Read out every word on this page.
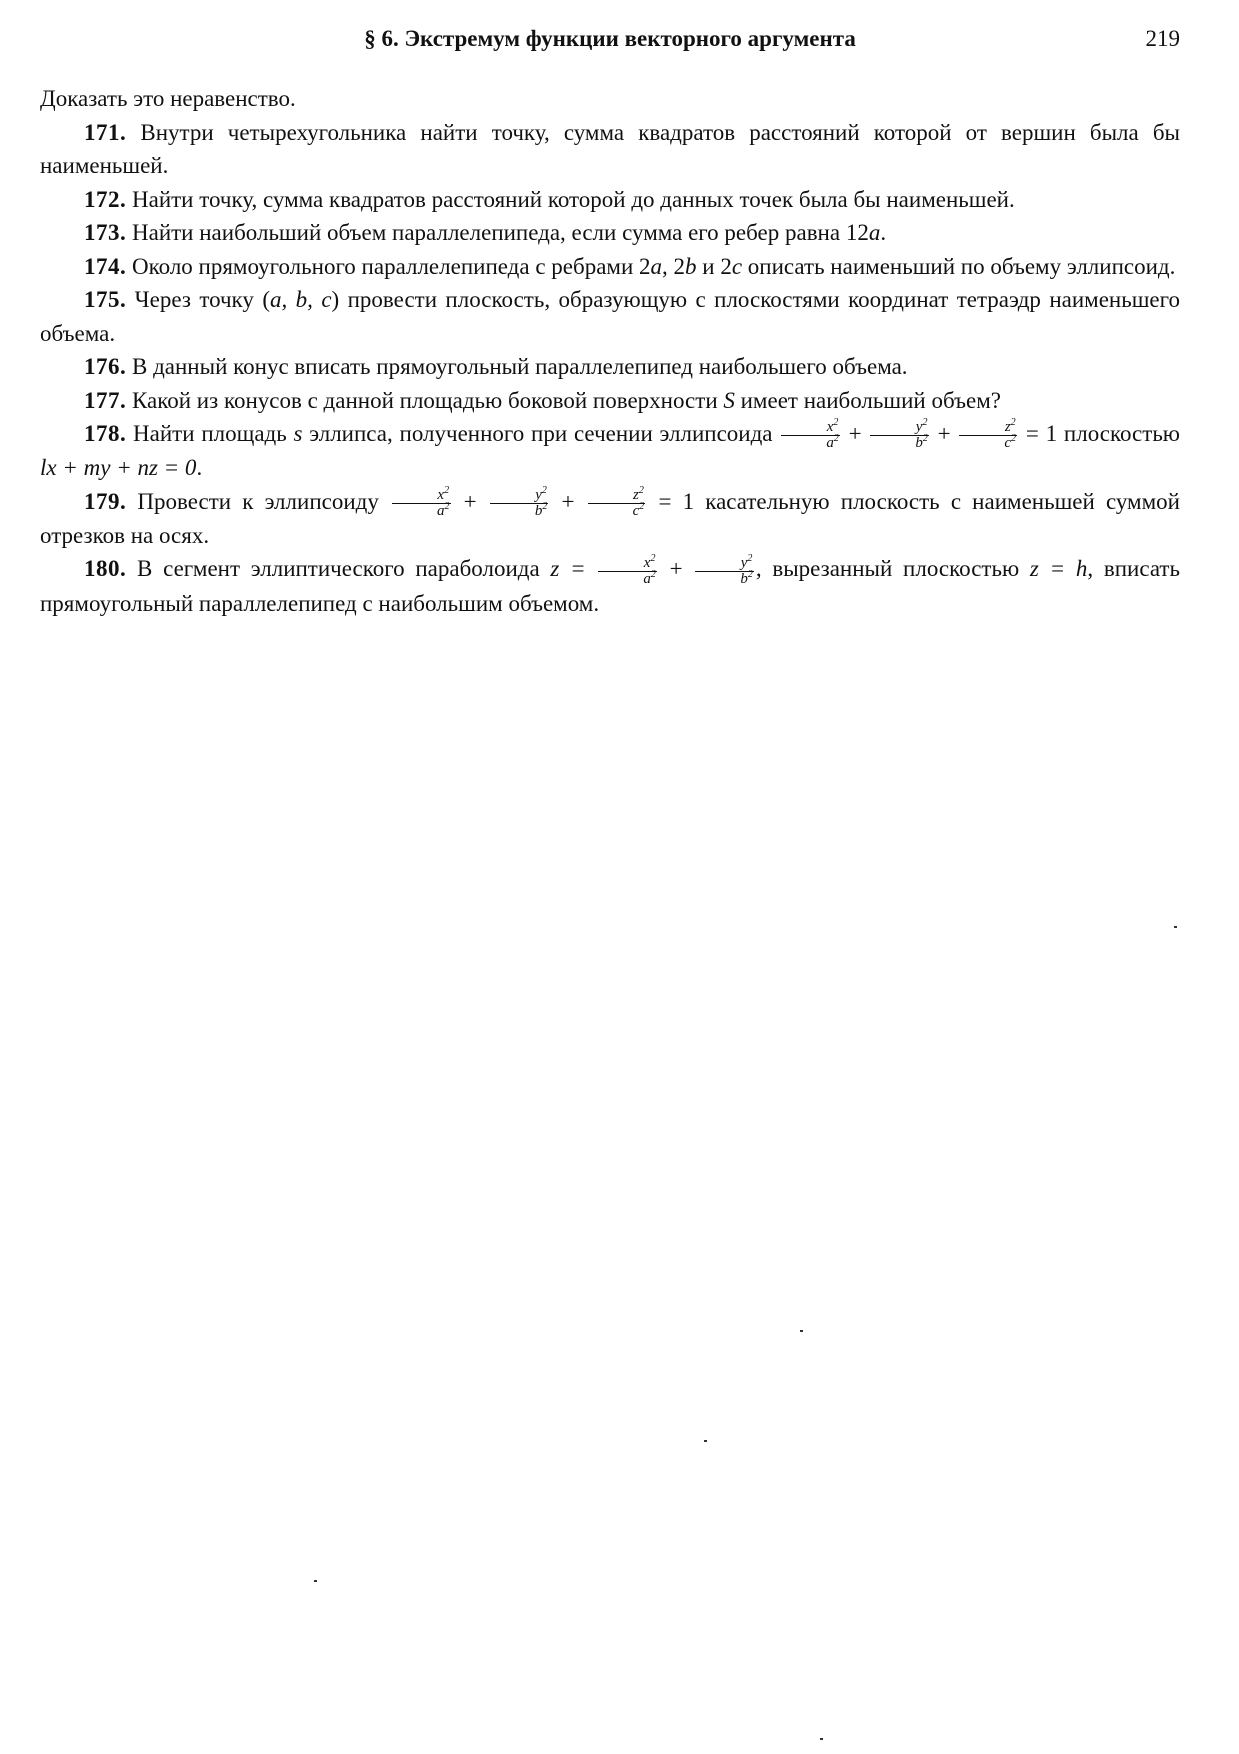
§ 6. Экстремум функции векторного аргумента	219

Доказать это неравенство.

171. Внутри четырехугольника найти точку, сумма квадратов расстояний которой от вершин была бы наименьшей.

172. Найти точку, сумма квадратов расстояний которой до данных точек была бы наименьшей.

173. Найти наибольший объем параллелепипеда, если сумма его ребер равна 12a.

174. Около прямоугольного параллелепипеда с ребрами 2a, 2b и 2c описать наименьший по объему эллипсоид.

175. Через точку (a, b, c) провести плоскость, образующую с плоскостями координат тетраэдр наименьшего объема.

176. В данный конус вписать прямоугольный параллелепипед наибольшего объема.

177. Какой из конусов с данной площадью боковой поверхности S имеет наибольший объем?

178. Найти площадь s эллипса, полученного при сечении эллипсоида $\frac{x^2}{a^2} + \frac{y^2}{b^2} + \frac{z^2}{c^2} = 1$ плоскостью lx + my + nz = 0.

179. Провести к эллипсоиду $\frac{x^2}{a^2} + \frac{y^2}{b^2} + \frac{z^2}{c^2} = 1$ касательную плоскость с наименьшей суммой отрезков на осях.

180. В сегмент эллиптического параболоида $z = \frac{x^2}{a^2} + \frac{y^2}{b^2}$ , вырезанный плоскостью z = h, вписать прямоугольный параллелепипед с наибольшим объемом.
